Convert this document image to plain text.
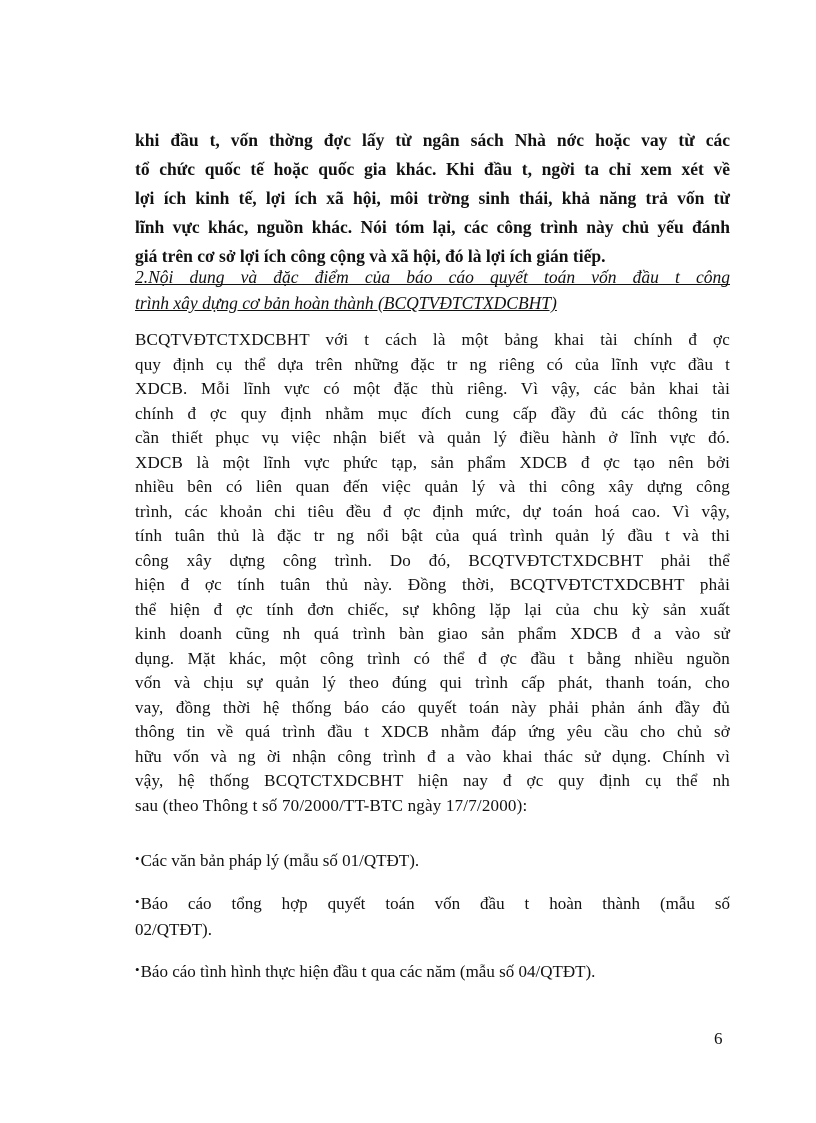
khi đầu t, vốn thờng đợc lấy từ ngân sách Nhà nớc hoặc vay từ các
tổ chức quốc tế hoặc quốc gia khác. Khi đầu t, ngời ta chỉ xem xét về
lợi ích kinh tế, lợi ích xã hội, môi trờng sinh thái, khả năng trả vốn từ
lĩnh vực khác, nguồn khác. Nói tóm lại, các công trình này chủ yếu đánh
giá trên cơ sở lợi ích công cộng và xã hội, đó là lợi ích gián tiếp.

2.Nội dung và đặc điểm của báo cáo quyết toán vốn đầu t công
trình xây dựng cơ bản hoàn thành (BCQTVĐTCTXDCBHT)

BCQTVĐTCTXDCBHT với t cách là một bảng khai tài chính đ ợc
quy định cụ thể dựa trên những đặc tr ng riêng có của lĩnh vực đầu t
XDCB. Mỗi lĩnh vực có một đặc thù riêng. Vì vậy, các bản khai tài
chính đ ợc quy định nhằm mục đích cung cấp đầy đủ các thông tin
cần thiết phục vụ việc nhận biết và quản lý điều hành ở lĩnh vực đó.
XDCB là một lĩnh vực phức tạp, sản phẩm XDCB đ ợc tạo nên bởi
nhiều bên có liên quan đến việc quản lý và thi công xây dựng công
trình, các khoản chi tiêu đều đ ợc định mức, dự toán hoá cao. Vì vậy,
tính tuân thủ là đặc tr ng nổi bật của quá trình quản lý đầu t và thi
công xây dựng công trình. Do đó, BCQTVĐTCTXDCBHT phải thể
hiện đ ợc tính tuân thủ này. Đồng thời, BCQTVĐTCTXDCBHT phải
thể hiện đ ợc tính đơn chiếc, sự không lặp lại của chu kỳ sản xuất
kinh doanh cũng nh quá trình bàn giao sản phẩm XDCB đ a vào sử
dụng. Mặt khác, một công trình có thể đ ợc đầu t bằng nhiều nguồn
vốn và chịu sự quản lý theo đúng qui trình cấp phát, thanh toán, cho
vay, đồng thời hệ thống báo cáo quyết toán này phải phản ánh đầy đủ
thông tin về quá trình đầu t XDCB nhằm đáp ứng yêu cầu cho chủ sở
hữu vốn và ng ời nhận công trình đ a vào khai thác sử dụng. Chính vì
vậy, hệ thống BCQTCTXDCBHT hiện nay đ ợc quy định cụ thể nh
sau (theo Thông t số 70/2000/TT-BTC ngày 17/7/2000):

•Các văn bản pháp lý (mẫu số 01/QTĐT).

•Báo cáo tổng hợp quyết toán vốn đầu t hoàn thành (mẫu số
02/QTĐT).

•Báo cáo tình hình thực hiện đầu t qua các năm (mẫu số 04/QTĐT).

6
